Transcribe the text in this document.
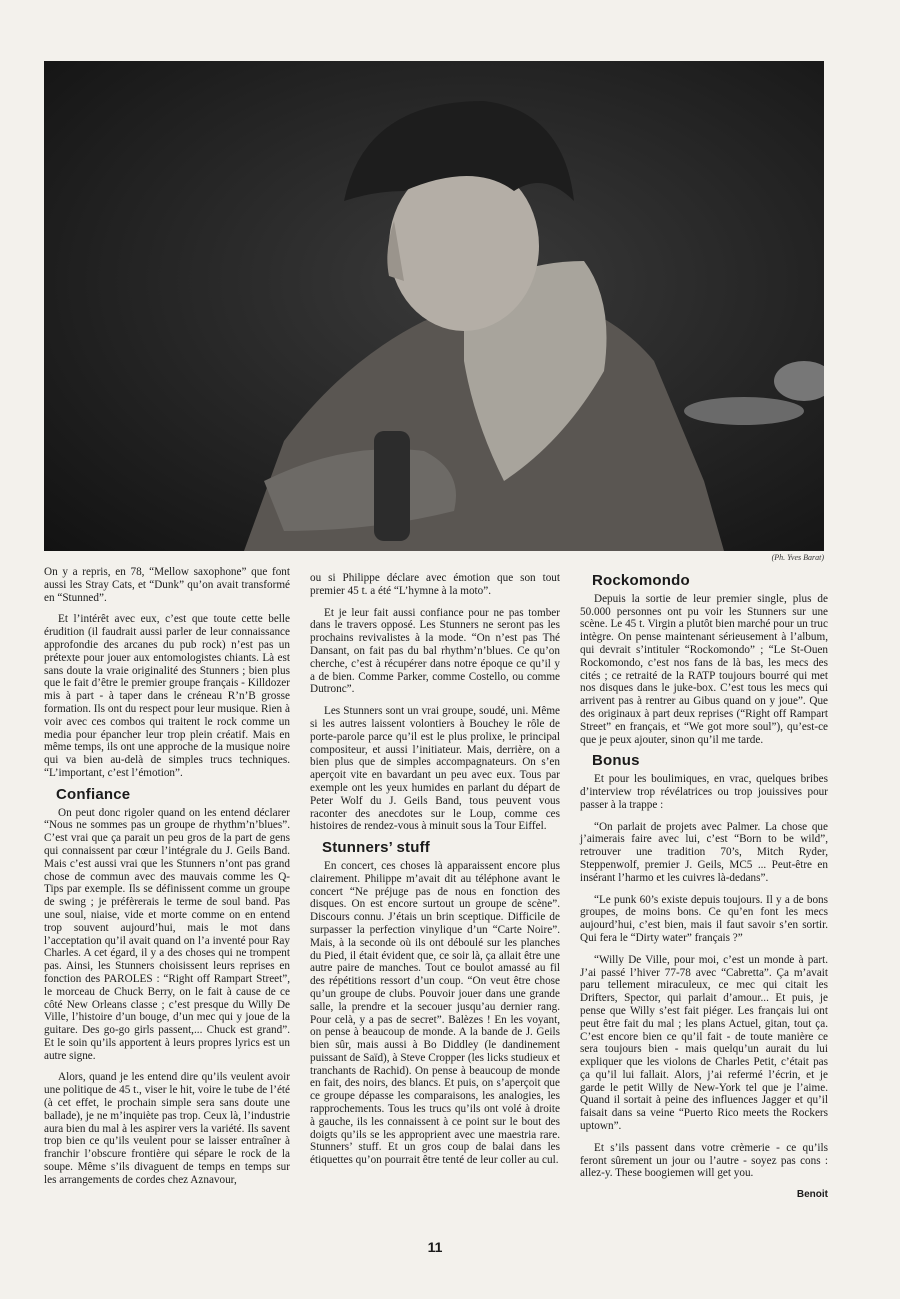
(Ph. Yves Barat)

On y a repris, en 78, “Mellow saxophone” que font aussi les Stray Cats, et “Dunk” qu’on avait transformé en “Stunned”.

Et l’intérêt avec eux, c’est que toute cette belle érudition (il faudrait aussi parler de leur connaissance approfondie des arcanes du pub rock) n’est pas un prétexte pour jouer aux entomologistes chiants. Là est sans doute la vraie originalité des Stunners ; bien plus que le fait d’être le premier groupe français - Killdozer mis à part - à taper dans le créneau R’n’B grosse formation. Ils ont du respect pour leur musique. Rien à voir avec ces combos qui traitent le rock comme un media pour épancher leur trop plein créatif. Mais en même temps, ils ont une approche de la musique noire qui va bien au-delà de simples trucs techniques. “L’important, c’est l’émotion”.

Confiance

On peut donc rigoler quand on les entend déclarer “Nous ne sommes pas un groupe de rhythm’n’blues”. C’est vrai que ça parait un peu gros de la part de gens qui connaissent par cœur l’intégrale du J. Geils Band. Mais c’est aussi vrai que les Stunners n’ont pas grand chose de commun avec des mauvais comme les Q-Tips par exemple. Ils se définissent comme un groupe de swing ; je préfèrerais le terme de soul band. Pas une soul, niaise, vide et morte comme on en entend trop souvent aujourd’hui, mais le mot dans l’acceptation qu’il avait quand on l’a inventé pour Ray Charles. A cet égard, il y a des choses qui ne trompent pas. Ainsi, les Stunners choisissent leurs reprises en fonction des PAROLES : “Right off Rampart Street”, le morceau de Chuck Berry, on le fait à cause de ce côté New Orleans classe ; c’est presque du Willy De Ville, l’histoire d’un bouge, d’un mec qui y joue de la guitare. Des go-go girls passent,... Chuck est grand”. Et le soin qu’ils apportent à leurs propres lyrics est un autre signe.

Alors, quand je les entend dire qu’ils veulent avoir une politique de 45 t., viser le hit, voire le tube de l’été (à cet effet, le prochain simple sera sans doute une ballade), je ne m’inquiète pas trop. Ceux là, l’industrie aura bien du mal à les aspirer vers la variété. Ils savent trop bien ce qu’ils veulent pour se laisser entraîner à franchir l’obscure frontière qui sépare le rock de la soupe. Même s’ils divaguent de temps en temps sur les arrangements de cordes chez Aznavour,

ou si Philippe déclare avec émotion que son tout premier 45 t. a été “L’hymne à la moto”.

Et je leur fait aussi confiance pour ne pas tomber dans le travers opposé. Les Stunners ne seront pas les prochains revivalistes à la mode. “On n’est pas Thé Dansant, on fait pas du bal rhythm’n’blues. Ce qu’on cherche, c’est à récupérer dans notre époque ce qu’il y a de bien. Comme Parker, comme Costello, ou comme Dutronc”.

Les Stunners sont un vrai groupe, soudé, uni. Même si les autres laissent volontiers à Bouchey le rôle de porte-parole parce qu’il est le plus prolixe, le principal compositeur, et aussi l’initiateur. Mais, derrière, on a bien plus que de simples accompagnateurs. On s’en aperçoit vite en bavardant un peu avec eux. Tous par exemple ont les yeux humides en parlant du départ de Peter Wolf du J. Geils Band, tous peuvent vous raconter des anecdotes sur le Loup, comme ces histoires de rendez-vous à minuit sous la Tour Eiffel.

Stunners’ stuff

En concert, ces choses là apparaissent encore plus clairement. Philippe m’avait dit au téléphone avant le concert “Ne préjuge pas de nous en fonction des disques. On est encore surtout un groupe de scène”. Discours connu. J’étais un brin sceptique. Difficile de surpasser la perfection vinylique d’un “Carte Noire”. Mais, à la seconde où ils ont déboulé sur les planches du Pied, il était évident que, ce soir là, ça allait être une autre paire de manches. Tout ce boulot amassé au fil des répétitions ressort d’un coup. “On veut être chose qu’un groupe de clubs. Pouvoir jouer dans une grande salle, la prendre et la secouer jusqu’au dernier rang. Pour celà, y a pas de secret”. Balèzes ! En les voyant, on pense à beaucoup de monde. A la bande de J. Geils bien sûr, mais aussi à Bo Diddley (le dandinement puissant de Saïd), à Steve Cropper (les licks studieux et tranchants de Rachid). On pense à beaucoup de monde en fait, des noirs, des blancs. Et puis, on s’aperçoit que ce groupe dépasse les comparaisons, les analogies, les rapprochements. Tous les trucs qu’ils ont volé à droite à gauche, ils les connaissent à ce point sur le bout des doigts qu’ils se les approprient avec une maestria rare. Stunners’ stuff. Et un gros coup de balai dans les étiquettes qu’on pourrait être tenté de leur coller au cul.

Rockomondo

Depuis la sortie de leur premier single, plus de 50.000 personnes ont pu voir les Stunners sur une scène. Le 45 t. Virgin a plutôt bien marché pour un truc intègre. On pense maintenant sérieusement à l’album, qui devrait s’intituler “Rockomondo” ; “Le St-Ouen Rockomondo, c’est nos fans de là bas, les mecs des cités ; ce retraité de la RATP toujours bourré qui met nos disques dans le juke-box. C’est tous les mecs qui arrivent pas à rentrer au Gibus quand on y joue”. Que des originaux à part deux reprises (“Right off Rampart Street” en français, et “We got more soul”), qu’est-ce que je peux ajouter, sinon qu’il me tarde.

Bonus

Et pour les boulimiques, en vrac, quelques bribes d’interview trop révélatrices ou trop jouissives pour passer à la trappe :

“On parlait de projets avec Palmer. La chose que j’aimerais faire avec lui, c’est “Born to be wild”, retrouver une tradition 70’s, Mitch Ryder, Steppenwolf, premier J. Geils, MC5 ... Peut-être en insérant l’harmo et les cuivres là-dedans”.

“Le punk 60’s existe depuis toujours. Il y a de bons groupes, de moins bons. Ce qu’en font les mecs aujourd’hui, c’est bien, mais il faut savoir s’en sortir. Qui fera le “Dirty water” français ?”

“Willy De Ville, pour moi, c’est un monde à part. J’ai passé l’hiver 77-78 avec “Cabretta”. Ça m’avait paru tellement miraculeux, ce mec qui citait les Drifters, Spector, qui parlait d’amour... Et puis, je pense que Willy s’est fait piéger. Les français lui ont peut être fait du mal ; les plans Actuel, gitan, tout ça. C’est encore bien ce qu’il fait - de toute manière ce sera toujours bien - mais quelqu’un aurait du lui expliquer que les violons de Charles Petit, c’était pas ça qu’il lui fallait. Alors, j’ai refermé l’écrin, et je garde le petit Willy de New-York tel que je l’aime. Quand il sortait à peine des influences Jagger et qu’il faisait dans sa veine “Puerto Rico meets the Rockers uptown”.

Et s’ils passent dans votre crèmerie - ce qu’ils feront sûrement un jour ou l’autre - soyez pas cons : allez-y. These boogiemen will get you.

Benoit
11
